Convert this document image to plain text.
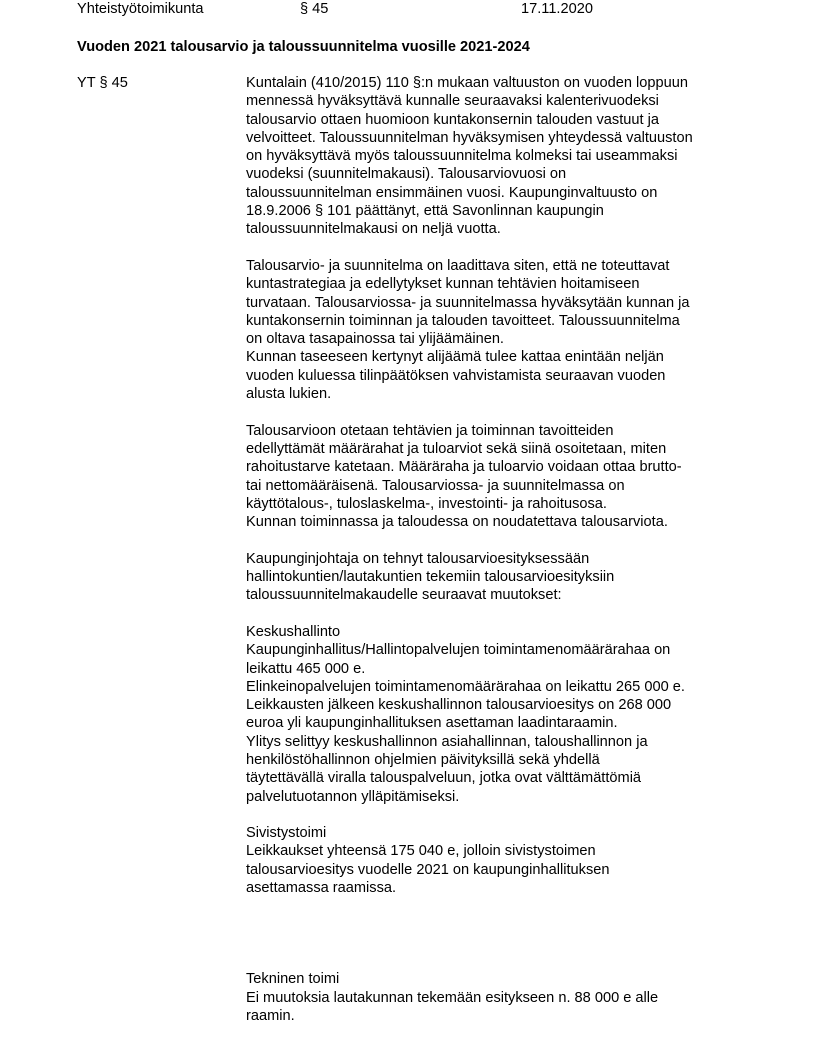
Yhteistyötoimikunta	§ 45	17.11.2020
Vuoden 2021 talousarvio ja taloussuunnitelma vuosille 2021-2024
YT § 45	Kuntalain (410/2015) 110 §:n mukaan valtuuston on vuoden loppuun
mennessä hyväksyttävä kunnalle seuraavaksi kalenterivuodeksi
talousarvio ottaen huomioon kuntakonsernin talouden vastuut ja
velvoitteet. Taloussuunnitelman hyväksymisen yhteydessä valtuuston
on hyväksyttävä myös taloussuunnitelma kolmeksi tai useammaksi
vuodeksi (suunnitelmakausi). Talousarviovuosi on
taloussuunnitelman ensimmäinen vuosi. Kaupunginvaltuusto on
18.9.2006 § 101 päättänyt, että Savonlinnan kaupungin
taloussuunnitelmakausi on neljä vuotta.

Talousarvio- ja suunnitelma on laadittava siten, että ne toteuttavat
kuntastrategiaa ja edellytykset kunnan tehtävien hoitamiseen
turvataan. Talousarviossa- ja suunnitelmassa hyväksytään kunnan ja
kuntakonsernin toiminnan ja talouden tavoitteet. Taloussuunnitelma
on oltava tasapainossa tai ylijäämäinen.
Kunnan taseeseen kertynyt alijäämä tulee kattaa enintään neljän
vuoden kuluessa tilinpäätöksen vahvistamista seuraavan vuoden
alusta lukien.

Talousarvioon otetaan tehtävien ja toiminnan tavoitteiden
edellyttämät määrärahat ja tuloarviot sekä siinä osoitetaan, miten
rahoitustarve katetaan. Määräraha ja tuloarvio voidaan ottaa brutto-
tai nettomääräisenä. Talousarviossa- ja suunnitelmassa on
käyttötalous-, tuloslaskelma-, investointi- ja rahoitusosa.
Kunnan toiminnassa ja taloudessa on noudatettava talousarviota.

Kaupunginjohtaja on tehnyt talousarvioesityksessään
hallintokuntien/lautakuntien tekemiin talousarvioesityksiin
taloussuunnitelmakaudelle seuraavat muutokset:

Keskushallinto
Kaupunginhallitus/Hallintopalvelujen toimintamenomäärärahaa on
leikattu 465 000 e.
Elinkeinopalvelujen toimintamenomäärärahaa on leikattu 265 000 e.
Leikkausten jälkeen keskushallinnon talousarvioesitys on 268 000
euroa yli kaupunginhallituksen asettaman laadintaraamin.
Ylitys selittyy keskushallinnon asiahallinnan, taloushallinnon ja
henkilöstöhallinnon ohjelmien päivityksillä sekä yhdellä
täytettävällä viralla talouspalveluun, jotka ovat välttämättömiä
palvelutuotannon ylläpitämiseksi.

Sivistystoimi
Leikkaukset yhteensä 175 040 e, jolloin sivistystoimen
talousarvioesitys vuodelle 2021 on kaupunginhallituksen
asettamassa raamissa.

Tekninen toimi
Ei muutoksia lautakunnan tekemään esitykseen n. 88 000 e alle
raamin.
